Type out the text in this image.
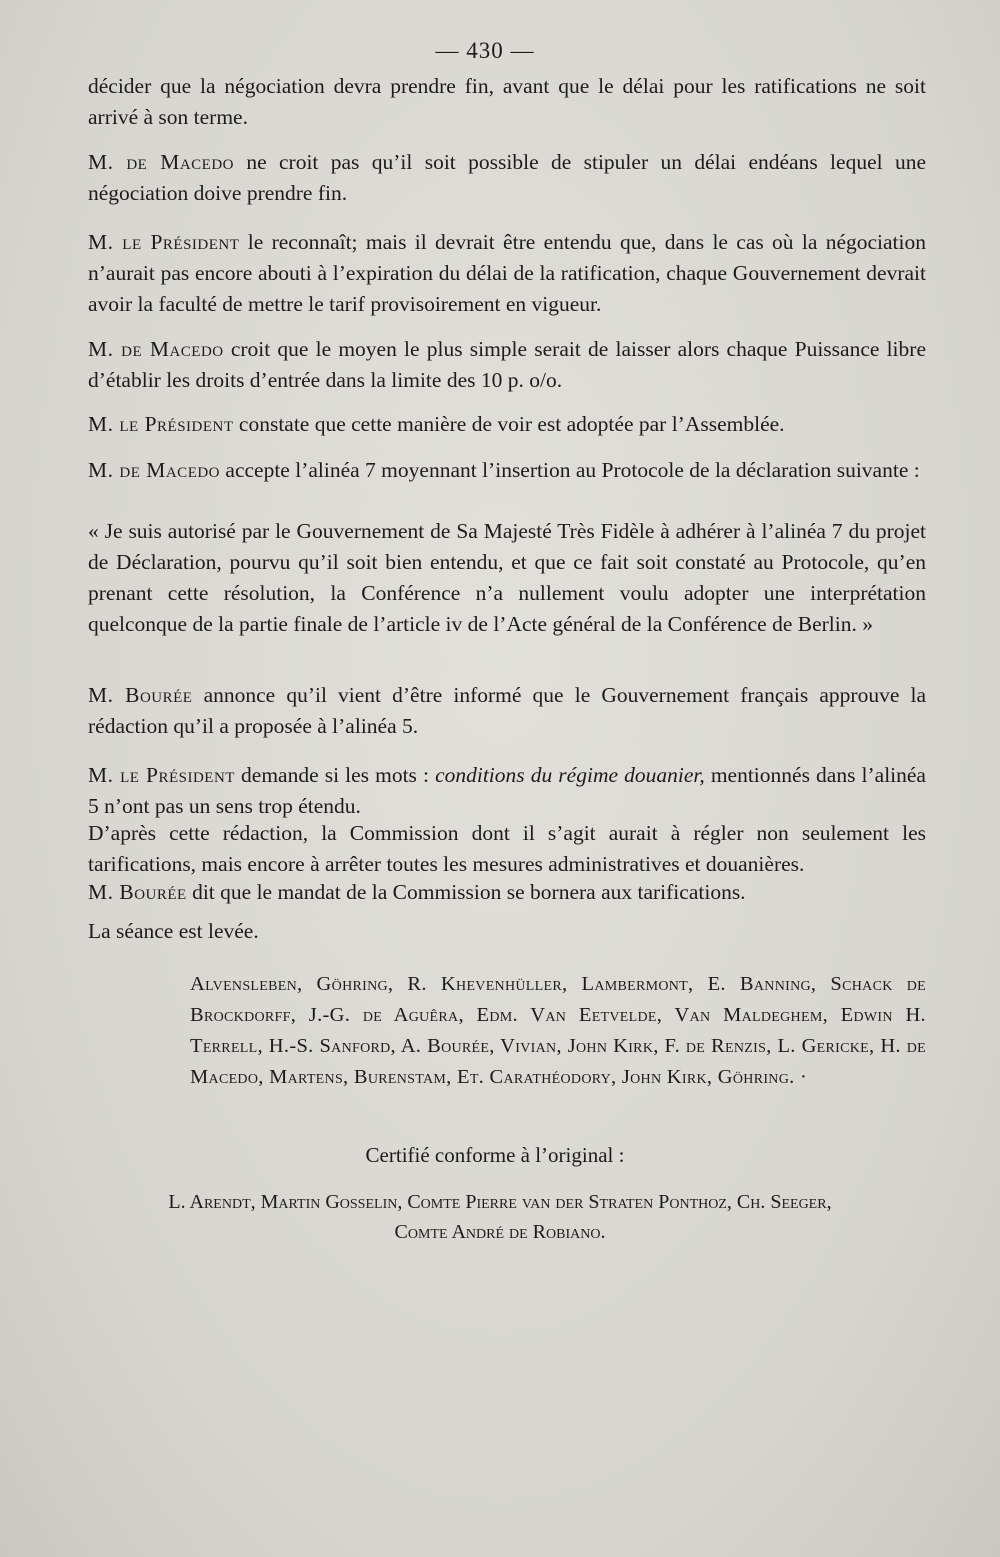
— 430 —

décider que la négociation devra prendre fin, avant que le délai pour les ratifications ne soit arrivé à son terme.

M. de Macedo ne croit pas qu’il soit possible de stipuler un délai endéans lequel une négociation doive prendre fin.
M. le Président le reconnaît; mais il devrait être entendu que, dans le cas où la négociation n’aurait pas encore abouti à l’expiration du délai de la ratification, chaque Gouvernement devrait avoir la faculté de mettre le tarif provisoirement en vigueur.
M. de Macedo croit que le moyen le plus simple serait de laisser alors chaque Puissance libre d’établir les droits d’entrée dans la limite des 10 p. o/o.
M. le Président constate que cette manière de voir est adoptée par l’Assemblée.
M. de Macedo accepte l’alinéa 7 moyennant l’insertion au Protocole de la déclaration suivante :
« Je suis autorisé par le Gouvernement de Sa Majesté Très Fidèle à adhérer à l’alinéa 7 du projet de Déclaration, pourvu qu’il soit bien entendu, et que ce fait soit constaté au Protocole, qu’en prenant cette résolution, la Conférence n’a nullement voulu adopter une interprétation quelconque de la partie finale de l’article iv de l’Acte général de la Conférence de Berlin. »
M. Bourée annonce qu’il vient d’être informé que le Gouvernement français approuve la rédaction qu’il a proposée à l’alinéa 5.
M. le Président demande si les mots : conditions du régime douanier, mentionnés dans l’alinéa 5 n’ont pas un sens trop étendu.
D’après cette rédaction, la Commission dont il s’agit aurait à régler non seulement les tarifications, mais encore à arrêter toutes les mesures administratives et douanières.
M. Bourée dit que le mandat de la Commission se bornera aux tarifications.
La séance est levée.
Alvensleben, Göhring, R. Khevenhüller, Lambermont, E. Banning, Schack de Brockdorff, J.-G. de Aguêra, Edm. Van Eetvelde, Van Maldeghem, Edwin H. Terrell, H.-S. Sanford, A. Bourée, Vivian, John Kirk, F. de Renzis, L. Gericke, H. de Macedo, Martens, Burenstam, Et. Carathéodory, John Kirk, Göhring. ·
Certifié conforme à l’original :
L. Arendt, Martin Gosselin, Comte Pierre van der Straten Ponthoz, Ch. Seeger,
Comte André de Robiano.
